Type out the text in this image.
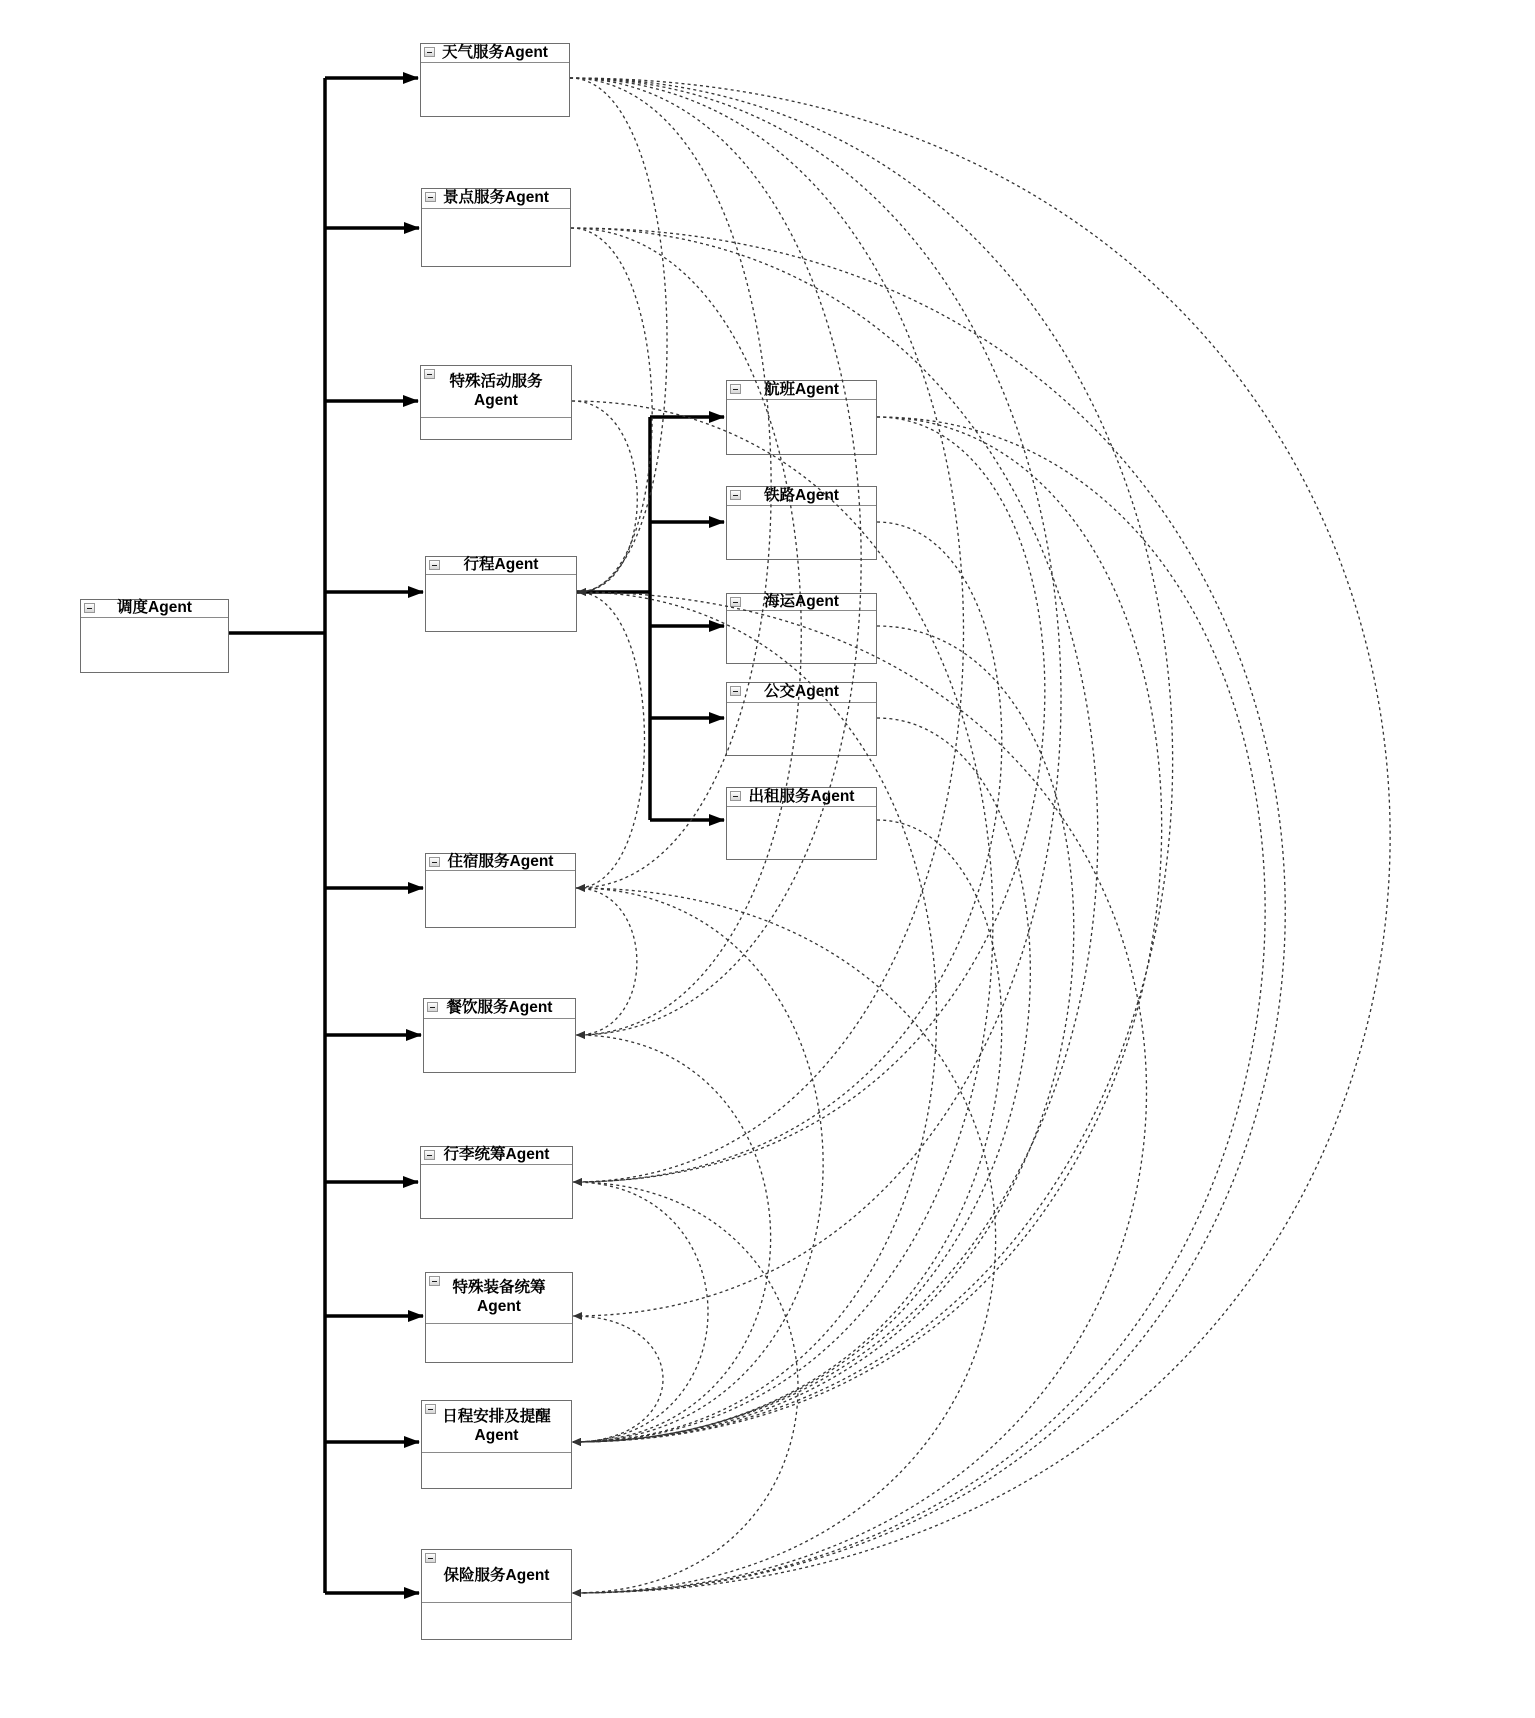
调度Agent
天气服务Agent
景点服务Agent
特殊活动服务
Agent
行程Agent
住宿服务Agent
餐饮服务Agent
行李统筹Agent
特殊装备统筹
Agent
日程安排及提醒
Agent
保险服务Agent
航班Agent
铁路Agent
海运Agent
公交Agent
出租服务Agent
